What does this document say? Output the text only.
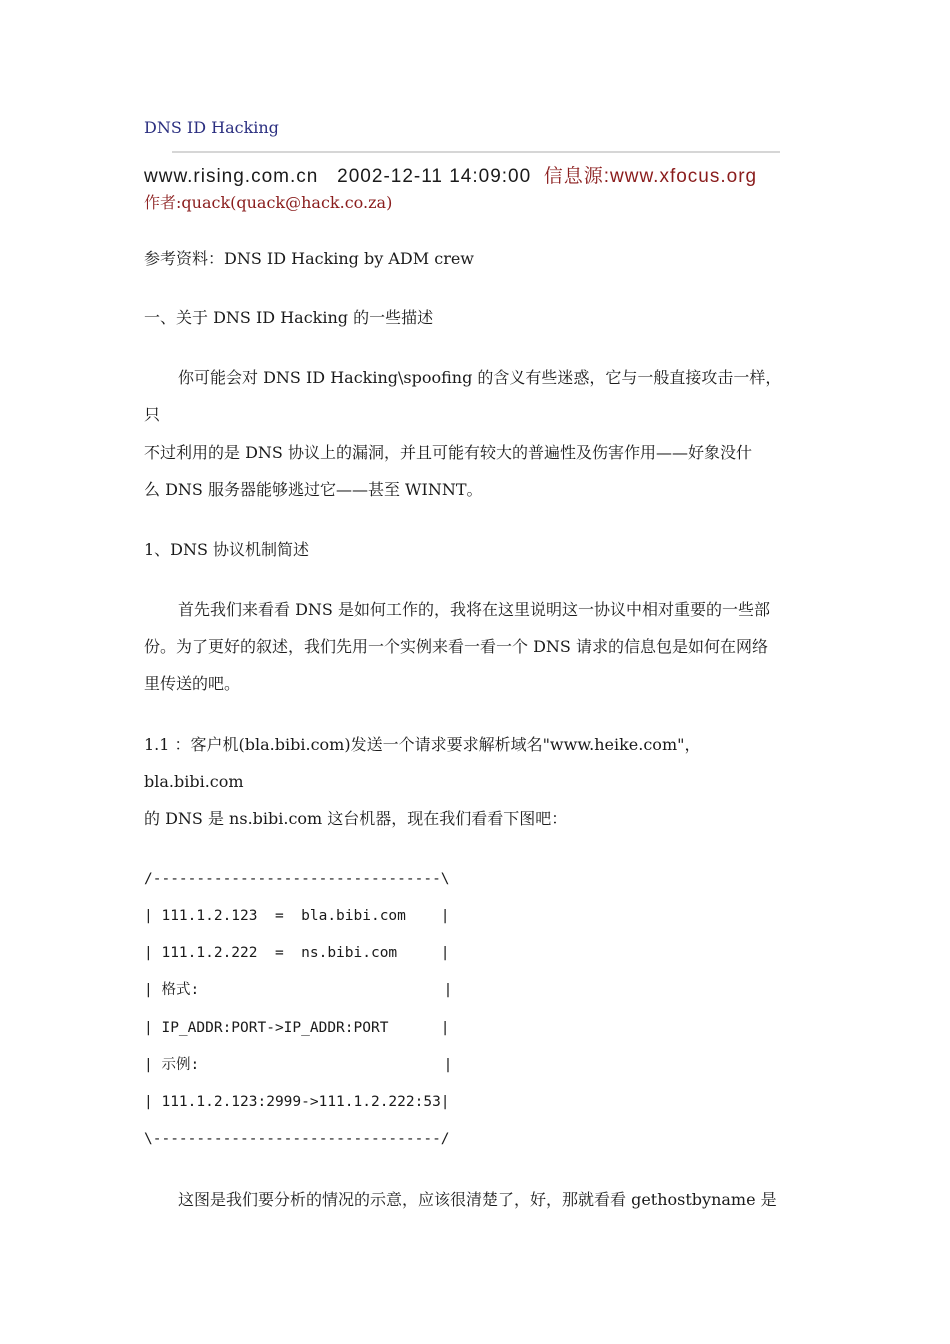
DNS ID Hacking
www.rising.com.cn 2002-12-11 14:09:00 信息源:www.xfocus.org
作者:quack(quack@hack.co.za)
参考资料：DNS ID Hacking by ADM crew
一、关于 DNS ID Hacking 的一些描述
你可能会对 DNS ID Hacking\spoofing 的含义有些迷惑，它与一般直接攻击一样，
只
不过利用的是 DNS 协议上的漏洞，并且可能有较大的普遍性及伤害作用——好象没什
么 DNS 服务器能够逃过它——甚至 WINNT。
1、DNS 协议机制简述
首先我们来看看 DNS 是如何工作的，我将在这里说明这一协议中相对重要的一些部
份。为了更好的叙述，我们先用一个实例来看一看一个 DNS 请求的信息包是如何在网络
里传送的吧。
1.1 ：客户机(bla.bibi.com)发送一个请求要求解析域名"www.heike.com"，
bla.bibi.com
的 DNS 是 ns.bibi.com 这台机器，现在我们看看下图吧：
/---------------------------------\
| 111.1.2.123  =  bla.bibi.com    |
| 111.1.2.222  =  ns.bibi.com     |
| 格式:                            |
| IP_ADDR:PORT->IP_ADDR:PORT      |
| 示例:                            |
| 111.1.2.123:2999->111.1.2.222:53|
\---------------------------------/
这图是我们要分析的情况的示意，应该很清楚了，好，那就看看 gethostbyname 是
